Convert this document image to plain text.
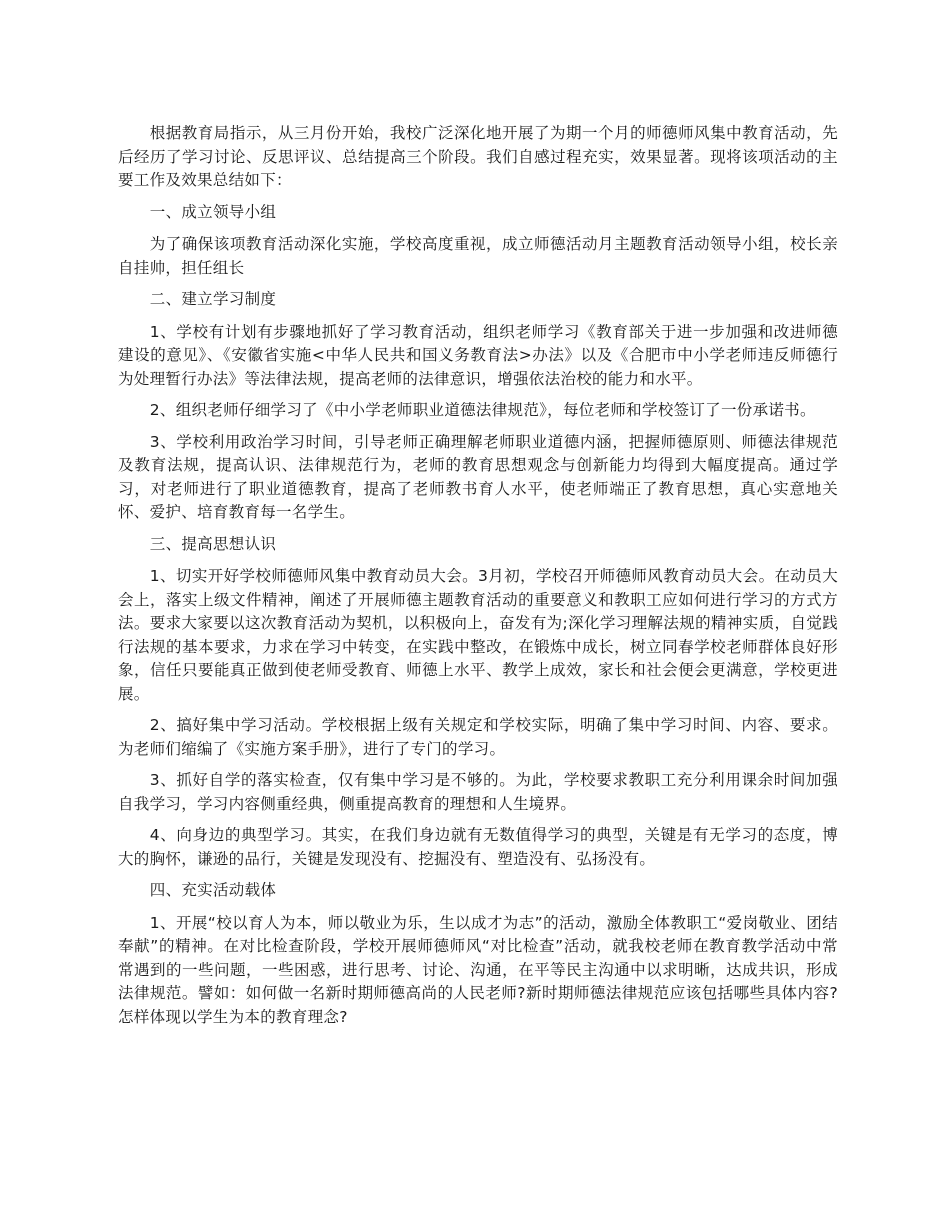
根据教育局指示，从三月份开始，我校广泛深化地开展了为期一个月的师德师风集中教育活动，先后经历了学习讨论、反思评议、总结提高三个阶段。我们自感过程充实，效果显著。现将该项活动的主要工作及效果总结如下：

一、成立领导小组

为了确保该项教育活动深化实施，学校高度重视，成立师德活动月主题教育活动领导小组，校长亲自挂帅，担任组长

二、建立学习制度

1、学校有计划有步骤地抓好了学习教育活动，组织老师学习《教育部关于进一步加强和改进师德建设的意见》、《安徽省实施<中华人民共和国义务教育法>办法》以及《合肥市中小学老师违反师德行为处理暂行办法》等法律法规，提高老师的法律意识，增强依法治校的能力和水平。

2、组织老师仔细学习了《中小学老师职业道德法律规范》，每位老师和学校签订了一份承诺书。

3、学校利用政治学习时间，引导老师正确理解老师职业道德内涵，把握师德原则、师德法律规范及教育法规，提高认识、法律规范行为，老师的教育思想观念与创新能力均得到大幅度提高。通过学习，对老师进行了职业道德教育，提高了老师教书育人水平，使老师端正了教育思想，真心实意地关怀、爱护、培育教育每一名学生。

三、提高思想认识

1、切实开好学校师德师风集中教育动员大会。3月初，学校召开师德师风教育动员大会。在动员大会上，落实上级文件精神，阐述了开展师德主题教育活动的重要意义和教职工应如何进行学习的方式方法。要求大家要以这次教育活动为契机，以积极向上，奋发有为;深化学习理解法规的精神实质，自觉践行法规的基本要求，力求在学习中转变，在实践中整改，在锻炼中成长，树立同春学校老师群体良好形象，信任只要能真正做到使老师受教育、师德上水平、教学上成效，家长和社会便会更满意，学校更进展。

2、搞好集中学习活动。学校根据上级有关规定和学校实际，明确了集中学习时间、内容、要求。为老师们缩编了《实施方案手册》，进行了专门的学习。

3、抓好自学的落实检查，仅有集中学习是不够的。为此，学校要求教职工充分利用课余时间加强自我学习，学习内容侧重经典，侧重提高教育的理想和人生境界。

4、向身边的典型学习。其实，在我们身边就有无数值得学习的典型，关键是有无学习的态度，博大的胸怀，谦逊的品行，关键是发现没有、挖掘没有、塑造没有、弘扬没有。

四、充实活动载体

1、开展“校以育人为本，师以敬业为乐，生以成才为志”的活动，激励全体教职工“爱岗敬业、团结奉献”的精神。在对比检查阶段，学校开展师德师风“对比检查”活动，就我校老师在教育教学活动中常常遇到的一些问题，一些困惑，进行思考、讨论、沟通，在平等民主沟通中以求明晰，达成共识，形成法律规范。譬如：如何做一名新时期师德高尚的人民老师?新时期师德法律规范应该包括哪些具体内容?怎样体现以学生为本的教育理念?
